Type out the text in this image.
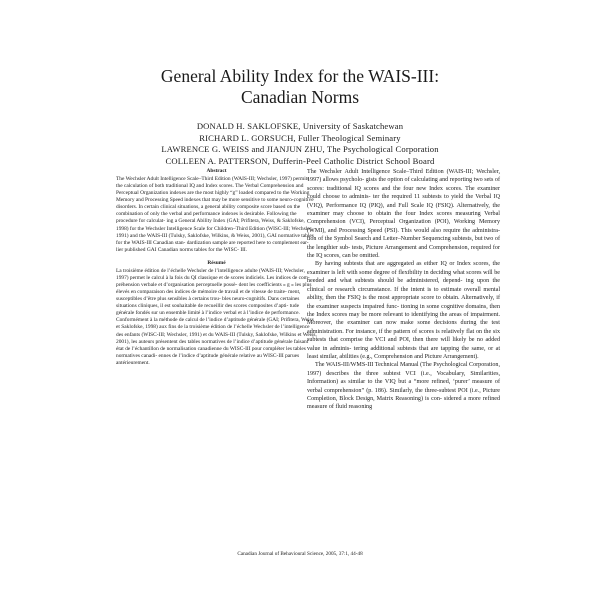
General Ability Index for the WAIS-III:
Canadian Norms
DONALD H. SAKLOFSKE, University of Saskatchewan
RICHARD L. GORSUCH, Fuller Theological Seminary
LAWRENCE G. WEISS and JIANJUN ZHU, The Psychological Corporation
COLLEEN A. PATTERSON, Dufferin-Peel Catholic District School Board
Abstract
The Wechsler Adult Intelligence Scale–Third Edition (WAIS-III; Wechsler, 1997) permits the calculation of both traditional IQ and Index scores. The Verbal Comprehension and Perceptual Organization indexes are the most highly “g” loaded compared to the Working Memory and Processing Speed indexes that may be more sensitive to some neuro-cognitive disorders. In certain clinical situations, a general ability composite score based on the combination of only the verbal and performance indexes is desirable. Following the procedure for calculat- ing a General Ability Index (GAI; Prifitera, Weiss, & Saklofske, 1998) for the Wechsler Intelligence Scale for Children–Third Edition (WISC-III; Wechsler, 1991) and the WAIS-III (Tulsky, Saklofske, Wilkins, & Weiss, 2001), GAI normative tables for the WAIS-III Canadian stan- dardization sample are reported here to complement ear- lier published GAI Canadian norms tables for the WISC- III.
Résumé
La troisième édition de l’échelle Wechsler de l’intelligence adulte (WAIS-III; Wechsler, 1997) permet le calcul à la fois du QI classique et de scores indiciels. Les indices de com- préhension verbale et d’organisation perceptuelle possè- dent les coefficients « g » les plus élevés en comparaison des indices de mémoire de travail et de vitesse de traite- ment, susceptibles d’être plus sensibles à certains trou- bles neuro-cognitifs. Dans certaines situations cliniques, il est souhaitable de recueillir des scores composites d’apti- tude générale fondés sur un ensemble limité à l’indice verbal et à l’indice de performance. Conformément à la méthode de calcul de l’indice d’aptitude générale (GAI; Prifitera, Weiss et Saklofske, 1998) aux fins de la troisième édition de l’échelle Wechsler de l’intelligence des enfants (WISC-III; Wechsler, 1991) et du WAIS-III (Tulsky, Saklofske, Wilkins et Weiss, 2001), les auteurs présentent des tables normatives de l’indice d’aptitude générale faisant état de l’échantillon de normalisation canadienne du WISC-III pour compléter les tables normatives canadi- ennes de l’indice d’aptitude générale relative au WISC-III parues antérieurement.

The Wechsler Adult Intelligence Scale–Third Edition (WAIS-III; Wechsler, 1997) allows psycholo- gists the option of calculating and reporting two sets of scores: traditional IQ scores and the four new Index scores. The examiner could choose to adminis- ter the required 11 subtests to yield the Verbal IQ (VIQ), Performance IQ (PIQ), and Full Scale IQ (FSIQ). Alternatively, the examiner may choose to obtain the four Index scores measuring Verbal Comprehension (VCI), Perceptual Organization (POI), Working Memory (WMI), and Processing Speed (PSI). This would also require the administra- tion of the Symbol Search and Letter–Number Sequencing subtests, but two of the lengthier sub- tests, Picture Arrangement and Comprehension, required for the IQ scores, can be omitted.

By having subtests that are aggregated as either IQ or Index scores, the examiner is left with some degree of flexibility in deciding what scores will be needed and what subtests should be administered, depend- ing upon the clinical or research circumstance. If the intent is to estimate overall mental ability, then the FSIQ is the most appropriate score to obtain. Alternatively, if the examiner suspects impaired func- tioning in some cognitive domains, then the Index scores may be more relevant to identifying the areas of impairment. Moreover, the examiner can now make some decisions during the test administration. For instance, if the pattern of scores is relatively flat on the six subtests that comprise the VCI and POI, then there will likely be no added value in adminis- tering additional subtests that are tapping the same, or at least similar, abilities (e.g., Comprehension and Picture Arrangement).

The WAIS-III/WMS-III Technical Manual (The Psychological Corporation, 1997) describes the three subtest VCI (i.e., Vocabulary, Similarities, Information) as similar to the VIQ but a “more refined, ‘purer’ measure of verbal comprehension” (p. 186). Similarly, the three-subtest POI (i.e., Picture Completion, Block Design, Matrix Reasoning) is con- sidered a more refined measure of fluid reasoning

Canadian Journal of Behavioural Science, 2005, 37:1, 44-48
